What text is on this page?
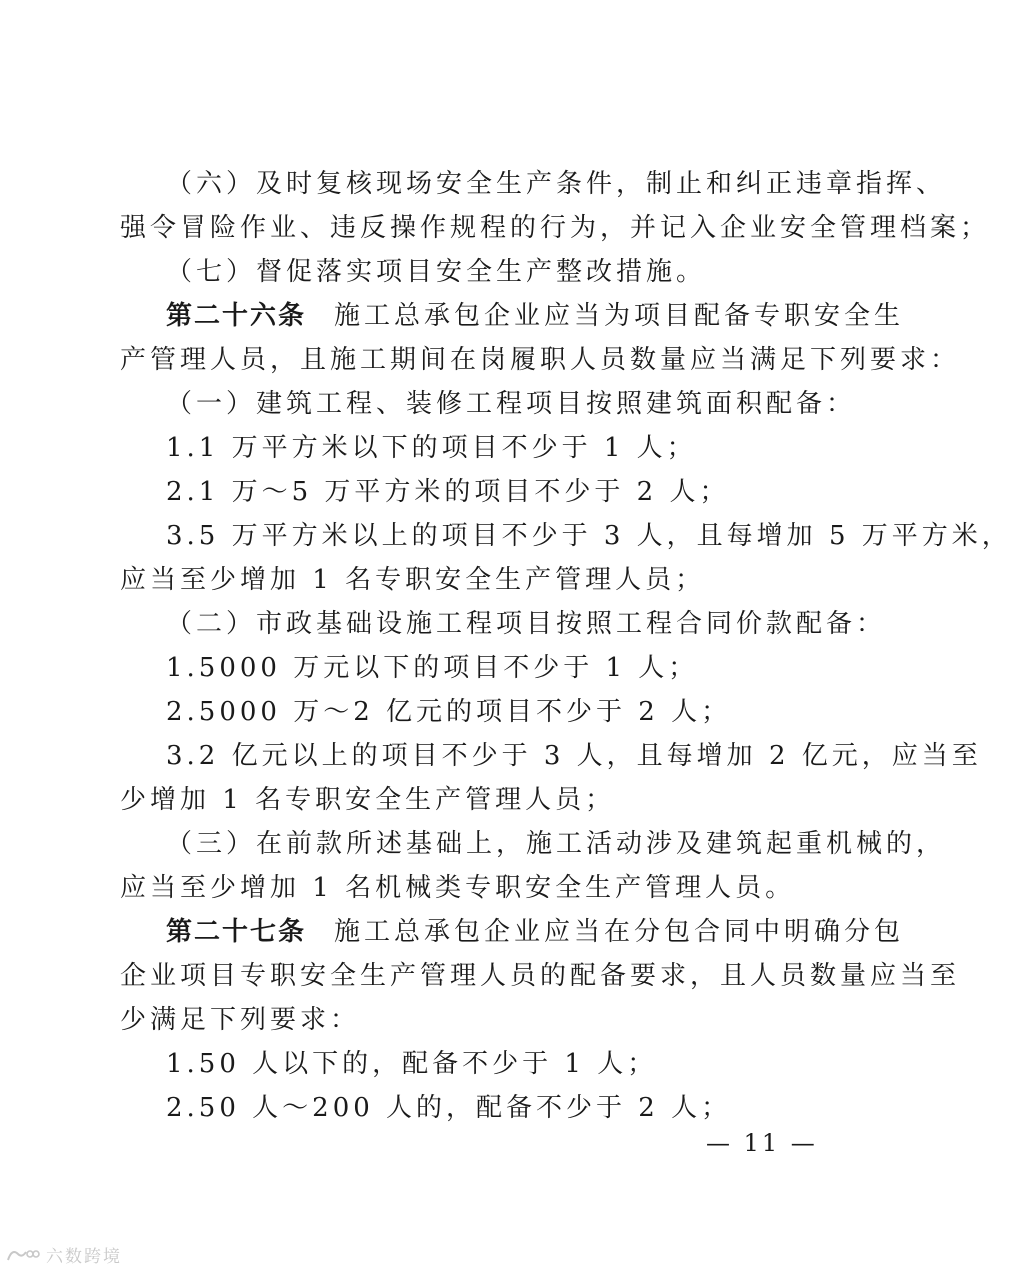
（六）及时复核现场安全生产条件，制止和纠正违章指挥、
强令冒险作业、违反操作规程的行为，并记入企业安全管理档案；
（七）督促落实项目安全生产整改措施。
第二十六条 施工总承包企业应当为项目配备专职安全生
产管理人员，且施工期间在岗履职人员数量应当满足下列要求：
（一）建筑工程、装修工程项目按照建筑面积配备：
1.1 万平方米以下的项目不少于 1 人；
2.1 万～5 万平方米的项目不少于 2 人；
3.5 万平方米以上的项目不少于 3 人，且每增加 5 万平方米，
应当至少增加 1 名专职安全生产管理人员；
（二）市政基础设施工程项目按照工程合同价款配备：
1.5000 万元以下的项目不少于 1 人；
2.5000 万～2 亿元的项目不少于 2 人；
3.2 亿元以上的项目不少于 3 人，且每增加 2 亿元，应当至
少增加 1 名专职安全生产管理人员；
（三）在前款所述基础上，施工活动涉及建筑起重机械的，
应当至少增加 1 名机械类专职安全生产管理人员。
第二十七条 施工总承包企业应当在分包合同中明确分包
企业项目专职安全生产管理人员的配备要求，且人员数量应当至
少满足下列要求：
1.50 人以下的，配备不少于 1 人；
2.50 人～200 人的，配备不少于 2 人；
— 11 —
六数跨境
